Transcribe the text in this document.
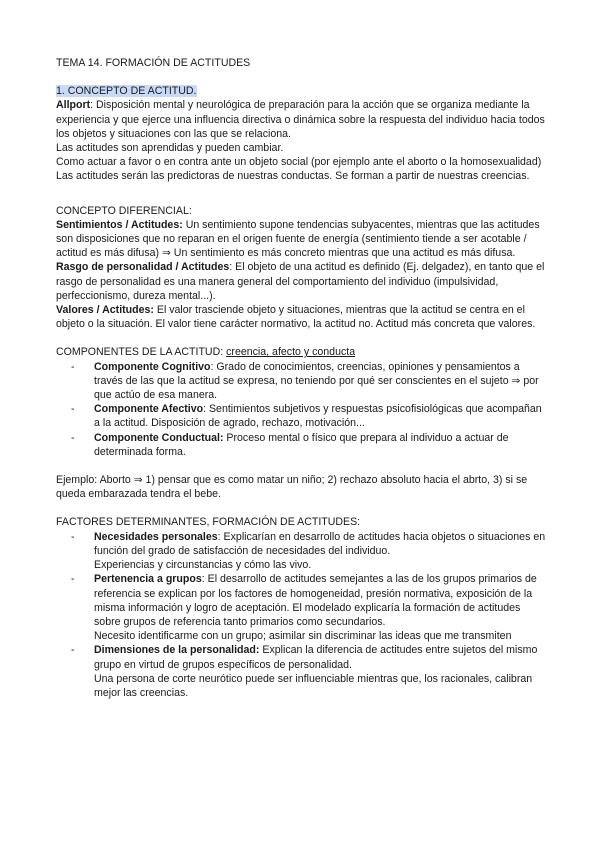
TEMA 14. FORMACIÓN DE ACTITUDES

1. CONCEPTO DE ACTITUD.

Allport: Disposición mental y neurológica de preparación para la acción que se organiza mediante la experiencia y que ejerce una influencia directiva o dinámica sobre la respuesta del individuo hacia todos los objetos y situaciones con las que se relaciona.

Las actitudes son aprendidas y pueden cambiar.

Como actuar a favor o en contra ante un objeto social (por ejemplo ante el aborto o la homosexualidad)

Las actitudes serán las predictoras de nuestras conductas. Se forman a partir de nuestras creencias.

CONCEPTO DIFERENCIAL:

Sentimientos / Actitudes: Un sentimiento supone tendencias subyacentes, mientras que las actitudes son disposiciones que no reparan en el origen fuente de energía (sentimiento tiende a ser acotable / actitud es más difusa) ⇒ Un sentimiento es más concreto mientras que una actitud es más difusa.

Rasgo de personalidad / Actitudes: El objeto de una actitud es definido (Ej. delgadez), en tanto que el rasgo de personalidad es una manera general del comportamiento del individuo (impulsividad, perfeccionismo, dureza mental...).

Valores / Actitudes: El valor trasciende objeto y situaciones, mientras que la actitud se centra en el objeto o la situación. El valor tiene carácter normativo, la actitud no. Actitud más concreta que valores.

COMPONENTES DE LA ACTITUD: creencia, afecto y conducta

- Componente Cognitivo: Grado de conocimientos, creencias, opiniones y pensamientos a través de las que la actitud se expresa, no teniendo por qué ser conscientes en el sujeto ⇒ por que actúo de esa manera.
- Componente Afectivo: Sentimientos subjetivos y respuestas psicofisiológicas que acompañan a la actitud. Disposición de agrado, rechazo, motivación...
- Componente Conductual: Proceso mental o físico que prepara al individuo a actuar de determinada forma.

Ejemplo: Aborto ⇒ 1) pensar que es como matar un niño; 2) rechazo absoluto hacia el abrto, 3) si se queda embarazada tendra el bebe.

FACTORES DETERMINANTES, FORMACIÓN DE ACTITUDES:

- Necesidades personales: Explicarían en desarrollo de actitudes hacia objetos o situaciones en función del grado de satisfacción de necesidades del individuo.
Experiencias y circunstancias y cómo las vivo.
- Pertenencia a grupos: El desarrollo de actitudes semejantes a las de los grupos primarios de referencia se explican por los factores de homogeneidad, presión normativa, exposición de la misma información y logro de aceptación. El modelado explicaría la formación de actitudes sobre grupos de referencia tanto primarios como secundarios.
Necesito identificarme con un grupo; asimilar sin discriminar las ideas que me transmiten
- Dimensiones de la personalidad: Explican la diferencia de actitudes entre sujetos del mismo grupo en virtud de grupos específicos de personalidad.
Una persona de corte neurótico puede ser influenciable mientras que, los racionales, calibran mejor las creencias.
